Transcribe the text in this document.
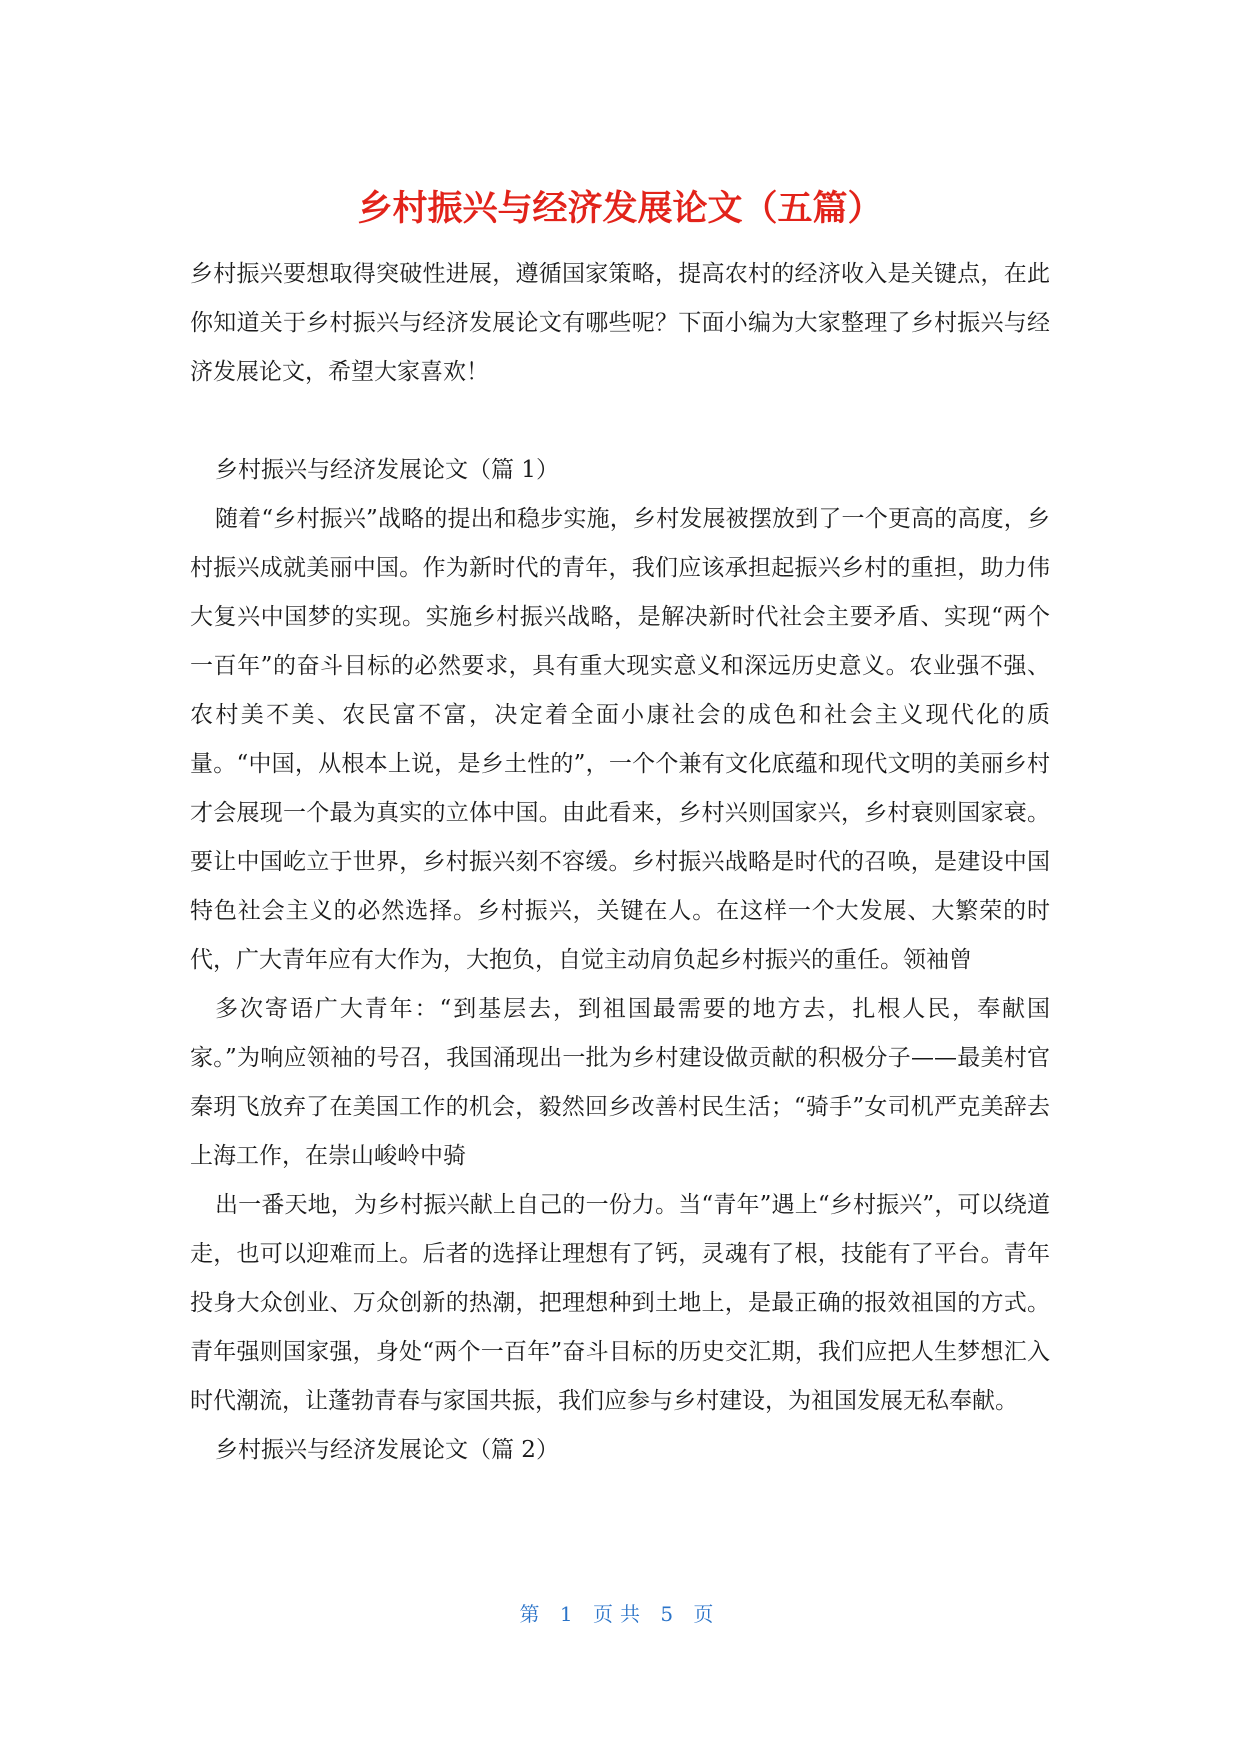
乡村振兴与经济发展论文（五篇）

乡村振兴要想取得突破性进展，遵循国家策略，提高农村的经济收入是关键点，在此你知道关于乡村振兴与经济发展论文有哪些呢？下面小编为大家整理了乡村振兴与经济发展论文，希望大家喜欢！

乡村振兴与经济发展论文（篇 1）

随着“乡村振兴”战略的提出和稳步实施，乡村发展被摆放到了一个更高的高度，乡村振兴成就美丽中国。作为新时代的青年，我们应该承担起振兴乡村的重担，助力伟大复兴中国梦的实现。实施乡村振兴战略，是解决新时代社会主要矛盾、实现“两个一百年”的奋斗目标的必然要求，具有重大现实意义和深远历史意义。农业强不强、农村美不美、农民富不富，决定着全面小康社会的成色和社会主义现代化的质量。“中国，从根本上说，是乡土性的”，一个个兼有文化底蕴和现代文明的美丽乡村才会展现一个最为真实的立体中国。由此看来，乡村兴则国家兴，乡村衰则国家衰。要让中国屹立于世界，乡村振兴刻不容缓。乡村振兴战略是时代的召唤，是建设中国特色社会主义的必然选择。乡村振兴，关键在人。在这样一个大发展、大繁荣的时代，广大青年应有大作为，大抱负，自觉主动肩负起乡村振兴的重任。领袖曾

多次寄语广大青年：“到基层去，到祖国最需要的地方去，扎根人民，奉献国家。”为响应领袖的号召，我国涌现出一批为乡村建设做贡献的积极分子——最美村官秦玥飞放弃了在美国工作的机会，毅然回乡改善村民生活；“骑手”女司机严克美辞去上海工作，在崇山峻岭中骑

出一番天地，为乡村振兴献上自己的一份力。当“青年”遇上“乡村振兴”，可以绕道走，也可以迎难而上。后者的选择让理想有了钙，灵魂有了根，技能有了平台。青年投身大众创业、万众创新的热潮，把理想种到土地上，是最正确的报效祖国的方式。青年强则国家强，身处“两个一百年”奋斗目标的历史交汇期，我们应把人生梦想汇入时代潮流，让蓬勃青春与家国共振，我们应参与乡村建设，为祖国发展无私奉献。

乡村振兴与经济发展论文（篇 2）

第 1 页共 5 页
